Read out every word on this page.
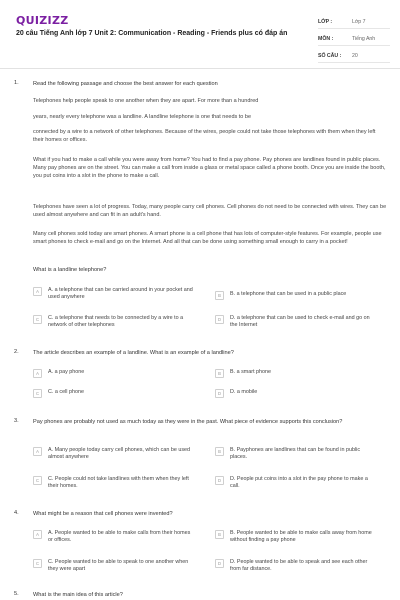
QUIZIZZ
20 câu Tiếng Anh lớp 7 Unit 2: Communication - Reading - Friends plus có đáp án
LỚP :	Lớp 7
MÔN :	Tiếng Anh
SỐ CÂU :	20
1.	Read the following passage and choose the best answer for each question
Telephones help people speak to one another when they are apart. For more than a hundred
years, nearly every telephone was a landline. A landline telephone is one that needs to be
connected by a wire to a network of other telephones. Because of the wires, people could not take those telephones with them when they left their homes or offices.
What if you had to make a call while you were away from home? You had to find a pay phone. Pay phones are landlines found in public places. Many pay phones are on the street. You can make a call from inside a glass or metal space called a phone booth. Once you are inside the booth, you put coins into a slot in the phone to make a call.
Telephones have seen a lot of progress. Today, many people carry cell phones. Cell phones do not need to be connected with wires. They can be used almost anywhere and can fit in an adult's hand.
Many cell phones sold today are smart phones. A smart phone is a cell phone that has lots of computer-style features. For example, people use smart phones to check e-mail and go on the Internet. And all that can be done using something small enough to carry in a pocket!
What is a landline telephone?
A	A. a telephone that can be carried around in your pocket and used anywhere	B	B. a telephone that can be used in a public place
C	C. a telephone that needs to be connected by a wire to a network of other telephones
D	D. a telephone that can be used to check e-mail and go on the Internet
2.	The article describes an example of a landline. What is an example of a landline?
A	A. a pay phone	B	B. a smart phone
C	C. a cell phone	D	D. a mobile
3.	Pay phones are probably not used as much today as they were in the past. What piece of evidence supports this conclusion?
A	A. Many people today carry cell phones, which can be used almost anywhere
B	B. Payphones are landlines that can be found in public places.
C	C. People could not take landlines with them when they left their homes.
D	D. People put coins into a slot in the pay phone to make a call.
4.	What might be a reason that cell phones were invented?
A	A. People wanted to be able to make calls from their homes or offices.
B	B. People wanted to be able to make calls away from home without finding a pay phone
C	C. People wanted to be able to speak to one another when they were apart
D	D. People wanted to be able to speak and see each other from far distance.
5.	What is the main idea of this article?
